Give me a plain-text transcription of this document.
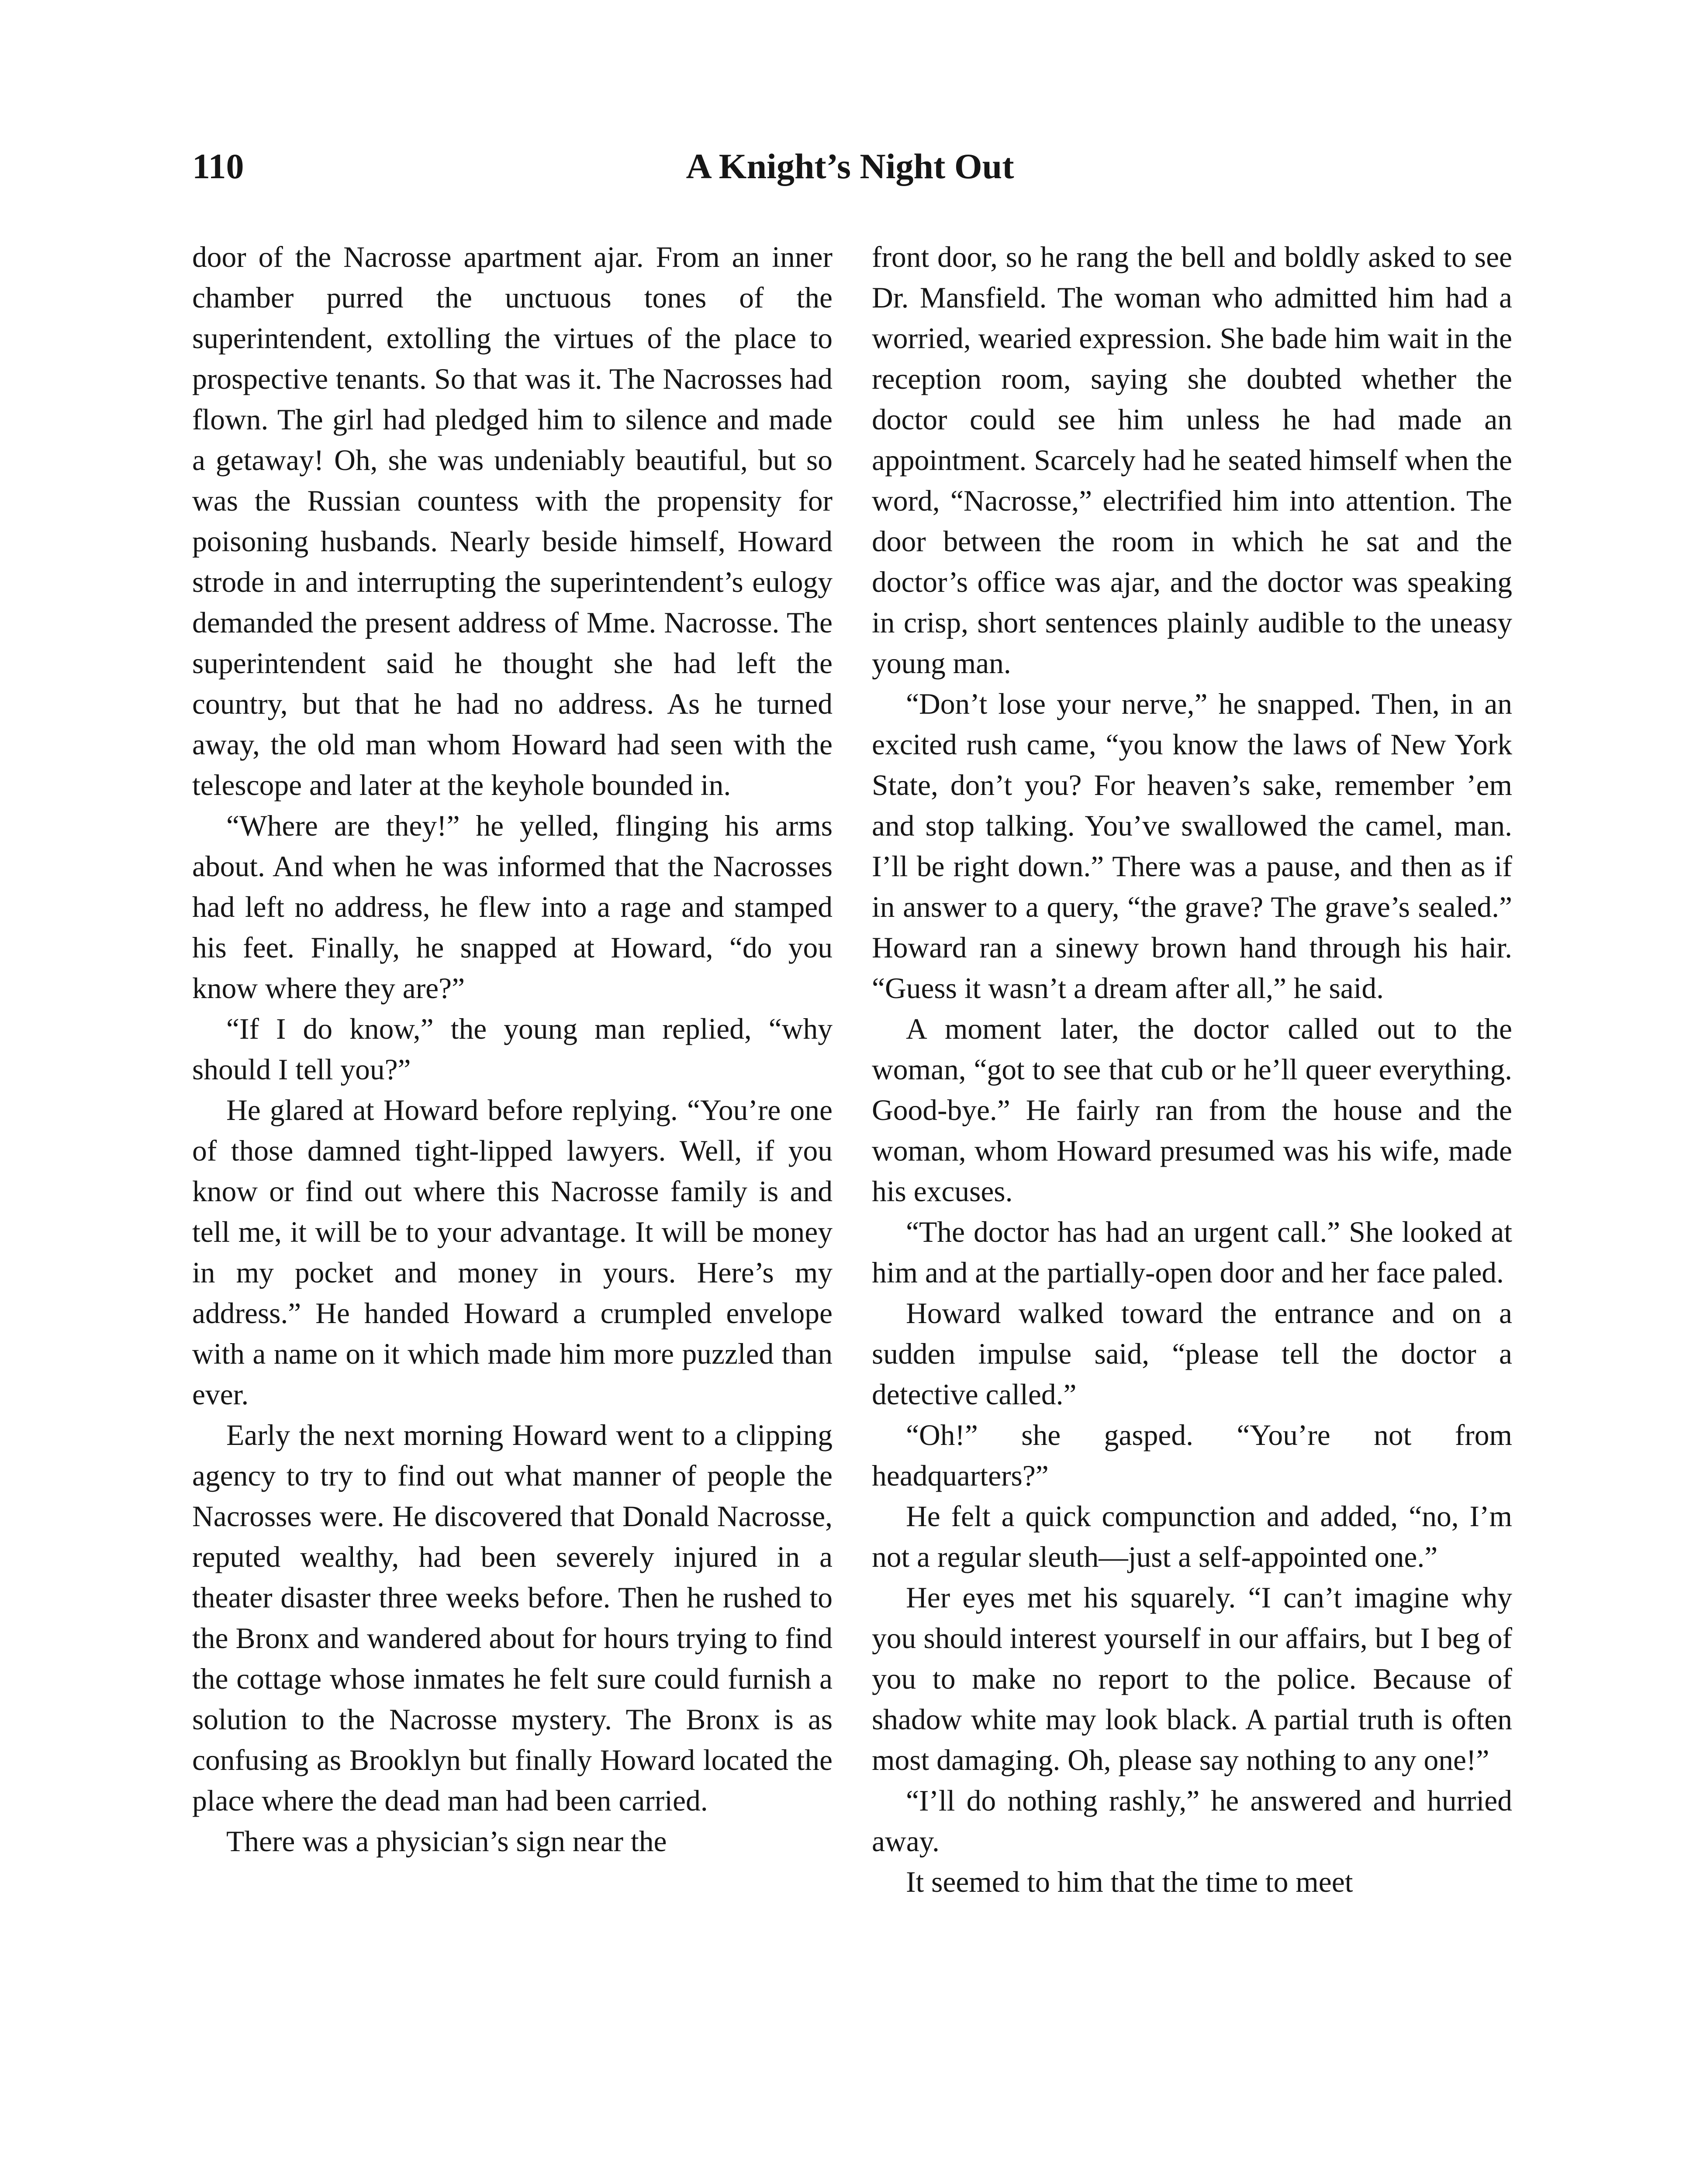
110	A Knight’s Night Out

door of the Nacrosse apartment ajar. From an inner chamber purred the unctuous tones of the superintendent, extolling the virtues of the place to prospective tenants. So that was it. The Nacrosses had flown. The girl had pledged him to silence and made a getaway! Oh, she was undeniably beautiful, but so was the Russian countess with the propensity for poisoning husbands. Nearly beside himself, Howard strode in and interrupting the superintendent’s eulogy demanded the present address of Mme. Nacrosse. The superintendent said he thought she had left the country, but that he had no address. As he turned away, the old man whom Howard had seen with the telescope and later at the keyhole bounded in.

“Where are they!” he yelled, flinging his arms about. And when he was informed that the Nacrosses had left no address, he flew into a rage and stamped his feet. Finally, he snapped at Howard, “do you know where they are?”

“If I do know,” the young man replied, “why should I tell you?”

He glared at Howard before replying. “You’re one of those damned tight-lipped lawyers. Well, if you know or find out where this Nacrosse family is and tell me, it will be to your advantage. It will be money in my pocket and money in yours. Here’s my address.” He handed Howard a crumpled envelope with a name on it which made him more puzzled than ever.

Early the next morning Howard went to a clipping agency to try to find out what manner of people the Nacrosses were. He discovered that Donald Nacrosse, reputed wealthy, had been severely injured in a theater disaster three weeks before. Then he rushed to the Bronx and wandered about for hours trying to find the cottage whose inmates he felt sure could furnish a solution to the Nacrosse mystery. The Bronx is as confusing as Brooklyn but finally Howard located the place where the dead man had been carried.

There was a physician’s sign near the

front door, so he rang the bell and boldly asked to see Dr. Mansfield. The woman who admitted him had a worried, wearied expression. She bade him wait in the reception room, saying she doubted whether the doctor could see him unless he had made an appointment. Scarcely had he seated himself when the word, “Nacrosse,” electrified him into attention. The door between the room in which he sat and the doctor’s office was ajar, and the doctor was speaking in crisp, short sentences plainly audible to the uneasy young man.

“Don’t lose your nerve,” he snapped. Then, in an excited rush came, “you know the laws of New York State, don’t you? For heaven’s sake, remember ’em and stop talking. You’ve swallowed the camel, man. I’ll be right down.” There was a pause, and then as if in answer to a query, “the grave? The grave’s sealed.” Howard ran a sinewy brown hand through his hair. “Guess it wasn’t a dream after all,” he said.

A moment later, the doctor called out to the woman, “got to see that cub or he’ll queer everything. Good-bye.” He fairly ran from the house and the woman, whom Howard presumed was his wife, made his excuses.

“The doctor has had an urgent call.” She looked at him and at the partially-open door and her face paled.

Howard walked toward the entrance and on a sudden impulse said, “please tell the doctor a detective called.”

“Oh!” she gasped. “You’re not from headquarters?”

He felt a quick compunction and added, “no, I’m not a regular sleuth—just a self-appointed one.”

Her eyes met his squarely. “I can’t imagine why you should interest yourself in our affairs, but I beg of you to make no report to the police. Because of shadow white may look black. A partial truth is often most damaging. Oh, please say nothing to any one!”

“I’ll do nothing rashly,” he answered and hurried away.

It seemed to him that the time to meet
